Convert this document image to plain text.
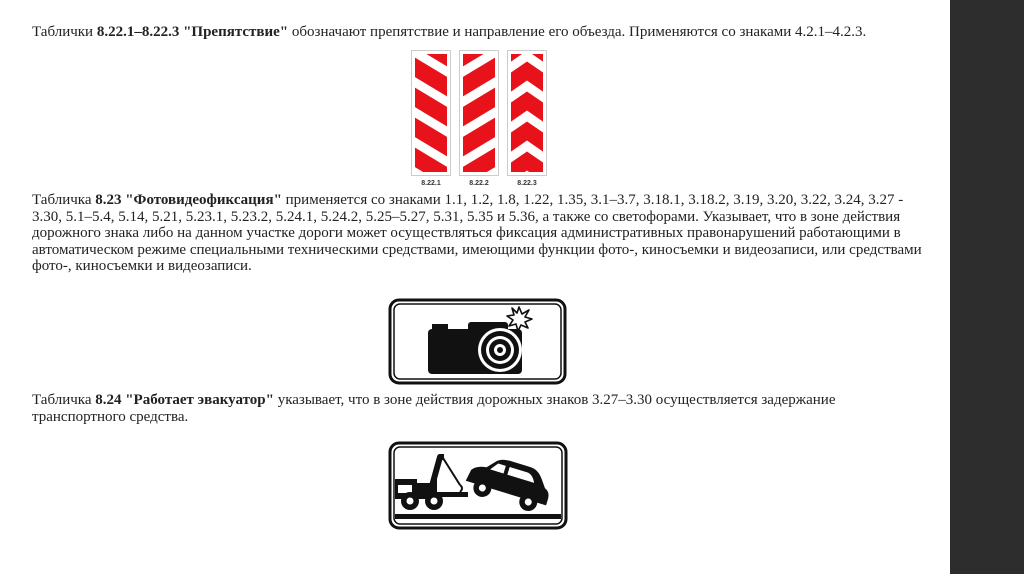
Таблички 8.22.1–8.22.3 "Препятствие" обозначают препятствие и направление его объезда. Применяются со знаками 4.2.1–4.2.3.
8.22.1	8.22.2	8.22.3
Табличка 8.23 "Фотовидеофиксация" применяется со знаками 1.1, 1.2, 1.8, 1.22, 1.35, 3.1–3.7, 3.18.1, 3.18.2, 3.19, 3.20, 3.22, 3.24, 3.27 - 3.30, 5.1–5.4, 5.14, 5.21, 5.23.1, 5.23.2, 5.24.1, 5.24.2, 5.25–5.27, 5.31, 5.35 и 5.36, а также со светофорами. Указывает, что в зоне действия дорожного знака либо на данном участке дороги может осуществляться фиксация административных правонарушений работающими в автоматическом режиме специальными техническими средствами, имеющими функции фото-, киносъемки и видеозаписи, или средствами фото-, киносъемки и видеозаписи.
Табличка 8.24 "Работает эвакуатор" указывает, что в зоне действия дорожных знаков 3.27–3.30 осуществляется задержание транспортного средства.
